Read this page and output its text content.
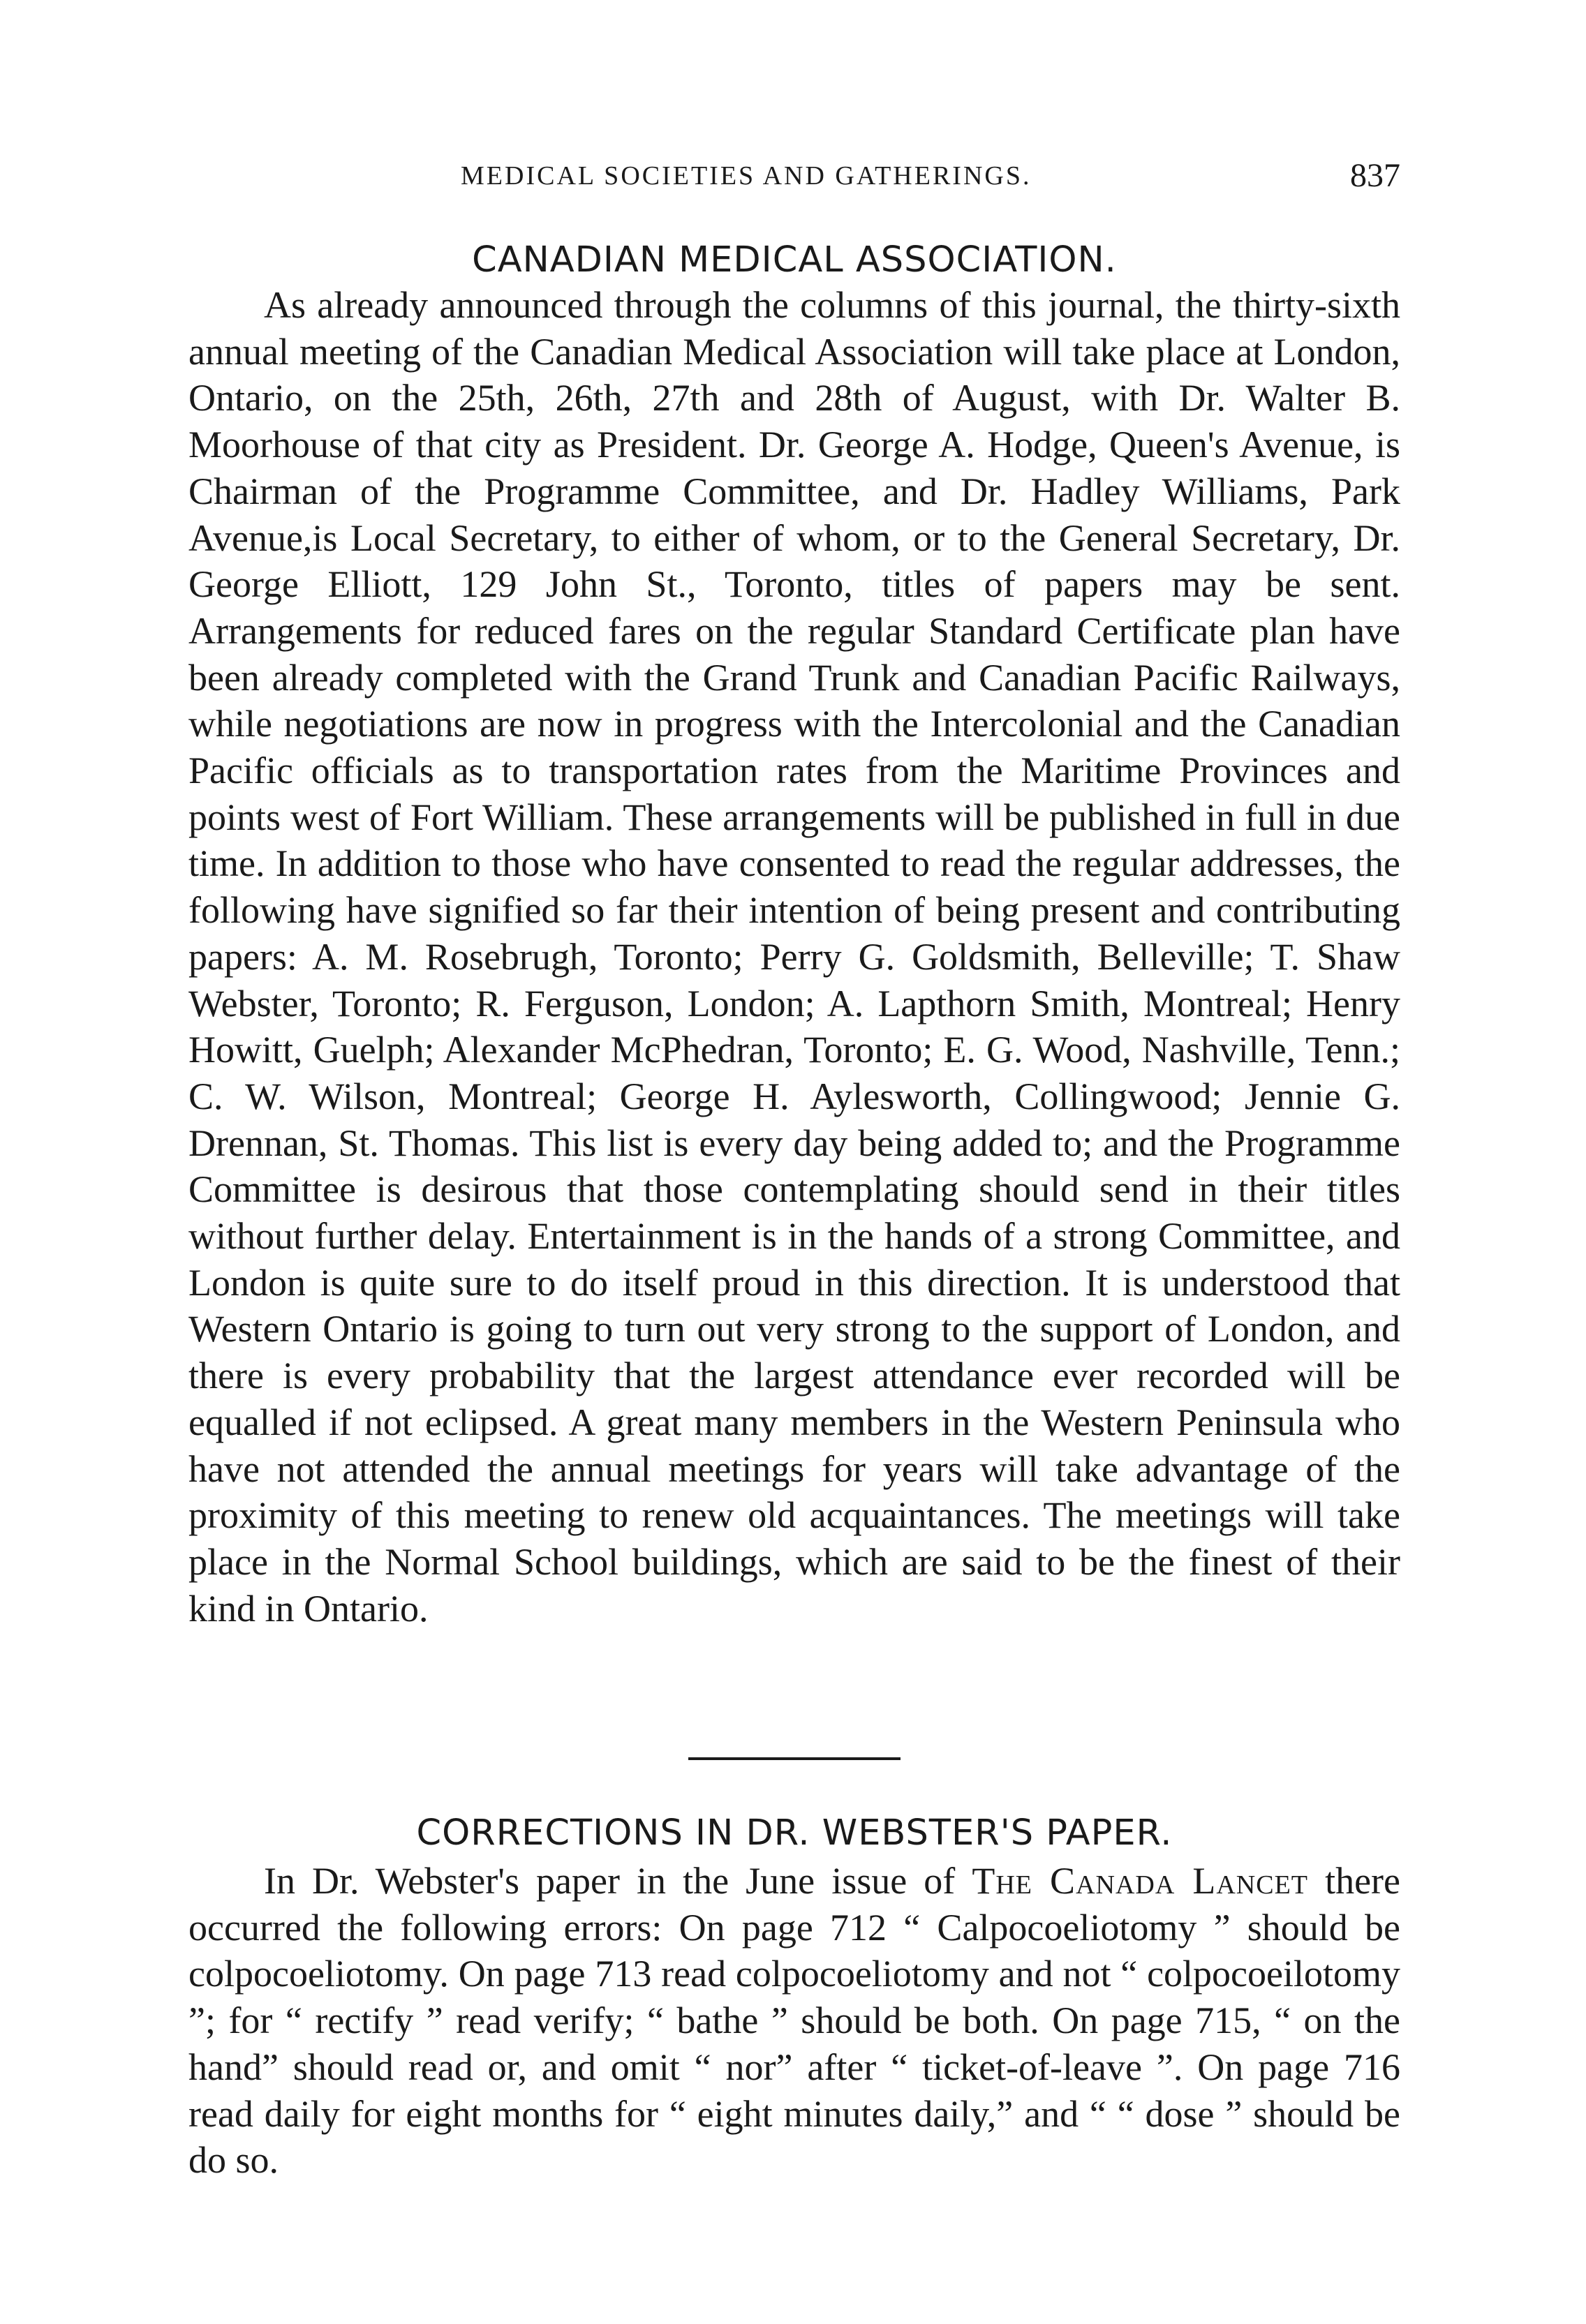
MEDICAL SOCIETIES AND GATHERINGS.	837
CANADIAN MEDICAL ASSOCIATION.

As already announced through the columns of this journal, the thirty-sixth annual meeting of the Canadian Medical Association will take place at London, Ontario, on the 25th, 26th, 27th and 28th of August, with Dr. Walter B. Moorhouse of that city as President. Dr. George A. Hodge, Queen's Avenue, is Chairman of the Programme Committee, and Dr. Hadley Williams, Park Avenue,is Local Secretary, to either of whom, or to the General Secretary, Dr. George Elliott, 129 John St., Toronto, titles of papers may be sent. Arrangements for reduced fares on the regular Standard Certificate plan have been already completed with the Grand Trunk and Canadian Pacific Railways, while negotiations are now in progress with the Intercolonial and the Canadian Pacific officials as to transportation rates from the Maritime Provinces and points west of Fort William. These arrangements will be published in full in due time. In addition to those who have consented to read the regular addresses, the following have signified so far their intention of being present and contributing papers: A. M. Rosebrugh, Toronto; Perry G. Goldsmith, Belleville; T. Shaw Webster, Toronto; R. Ferguson, London; A. Lapthorn Smith, Montreal; Henry Howitt, Guelph; Alexander McPhedran, Toronto; E. G. Wood, Nashville, Tenn.; C. W. Wilson, Montreal; George H. Aylesworth, Collingwood; Jennie G. Drennan, St. Thomas. This list is every day being added to; and the Programme Committee is desirous that those contemplating should send in their titles without further delay. Entertainment is in the hands of a strong Committee, and London is quite sure to do itself proud in this direction. It is understood that Western Ontario is going to turn out very strong to the support of London, and there is every probability that the largest attendance ever recorded will be equalled if not eclipsed. A great many members in the Western Peninsula who have not attended the annual meetings for years will take advantage of the proximity of this meeting to renew old acquaintances. The meetings will take place in the Normal School buildings, which are said to be the finest of their kind in Ontario.

CORRECTIONS IN DR. WEBSTER'S PAPER.

In Dr. Webster's paper in the June issue of The Canada Lancet there occurred the following errors: On page 712 “ Calpocoeliotomy ” should be colpocoeliotomy. On page 713 read colpocoeliotomy and not “ colpocoeilotomy ”; for “ rectify ” read verify; “ bathe ” should be both. On page 715, “ on the hand” should read or, and omit “ nor” after “ ticket-of-leave ”. On page 716 read daily for eight months for “ eight minutes daily,” and “ “ dose ” should be do so.
